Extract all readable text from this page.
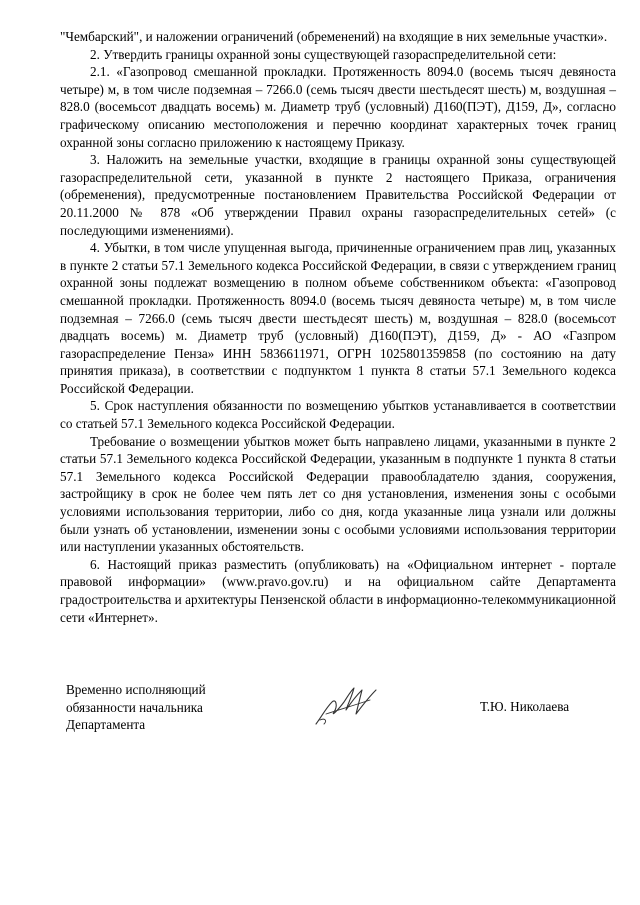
"Чембарский", и наложении ограничений (обременений) на входящие в них земельные участки».

2. Утвердить границы охранной зоны существующей газораспределительной сети:

2.1. «Газопровод смешанной прокладки. Протяженность 8094.0 (восемь тысяч девяноста четыре) м, в том числе подземная – 7266.0 (семь тысяч двести шестьдесят шесть) м, воздушная – 828.0 (восемьсот двадцать восемь) м. Диаметр труб (условный) Д160(ПЭТ), Д159, Д», согласно графическому описанию местоположения и перечню координат характерных точек границ охранной зоны согласно приложению к настоящему Приказу.

3. Наложить на земельные участки, входящие в границы охранной зоны существующей газораспределительной сети, указанной в пункте 2 настоящего Приказа, ограничения (обременения), предусмотренные постановлением Правительства Российской Федерации от 20.11.2000 № 878 «Об утверждении Правил охраны газораспределительных сетей» (с последующими изменениями).

4. Убытки, в том числе упущенная выгода, причиненные ограничением прав лиц, указанных в пункте 2 статьи 57.1 Земельного кодекса Российской Федерации, в связи с утверждением границ охранной зоны подлежат возмещению в полном объеме собственником объекта: «Газопровод смешанной прокладки. Протяженность 8094.0 (восемь тысяч девяноста четыре) м, в том числе подземная – 7266.0 (семь тысяч двести шестьдесят шесть) м, воздушная – 828.0 (восемьсот двадцать восемь) м. Диаметр труб (условный) Д160(ПЭТ), Д159, Д» - АО «Газпром газораспределение Пенза» ИНН 5836611971, ОГРН 1025801359858 (по состоянию на дату принятия приказа), в соответствии с подпунктом 1 пункта 8 статьи 57.1 Земельного кодекса Российской Федерации.

5. Срок наступления обязанности по возмещению убытков устанавливается в соответствии со статьей 57.1 Земельного кодекса Российской Федерации.

Требование о возмещении убытков может быть направлено лицами, указанными в пункте 2 статьи 57.1 Земельного кодекса Российской Федерации, указанным в подпункте 1 пункта 8 статьи 57.1 Земельного кодекса Российской Федерации правообладателю здания, сооружения, застройщику в срок не более чем пять лет со дня установления, изменения зоны с особыми условиями использования территории, либо со дня, когда указанные лица узнали или должны были узнать об установлении, изменении зоны с особыми условиями использования территории или наступлении указанных обстоятельств.

6. Настоящий приказ разместить (опубликовать) на «Официальном интернет - портале правовой информации» (www.pravo.gov.ru) и на официальном сайте Департамента градостроительства и архитектуры Пензенской области в информационно-телекоммуникационной сети «Интернет».

Временно исполняющий
обязанности начальника
Департамента
Т.Ю. Николаева
